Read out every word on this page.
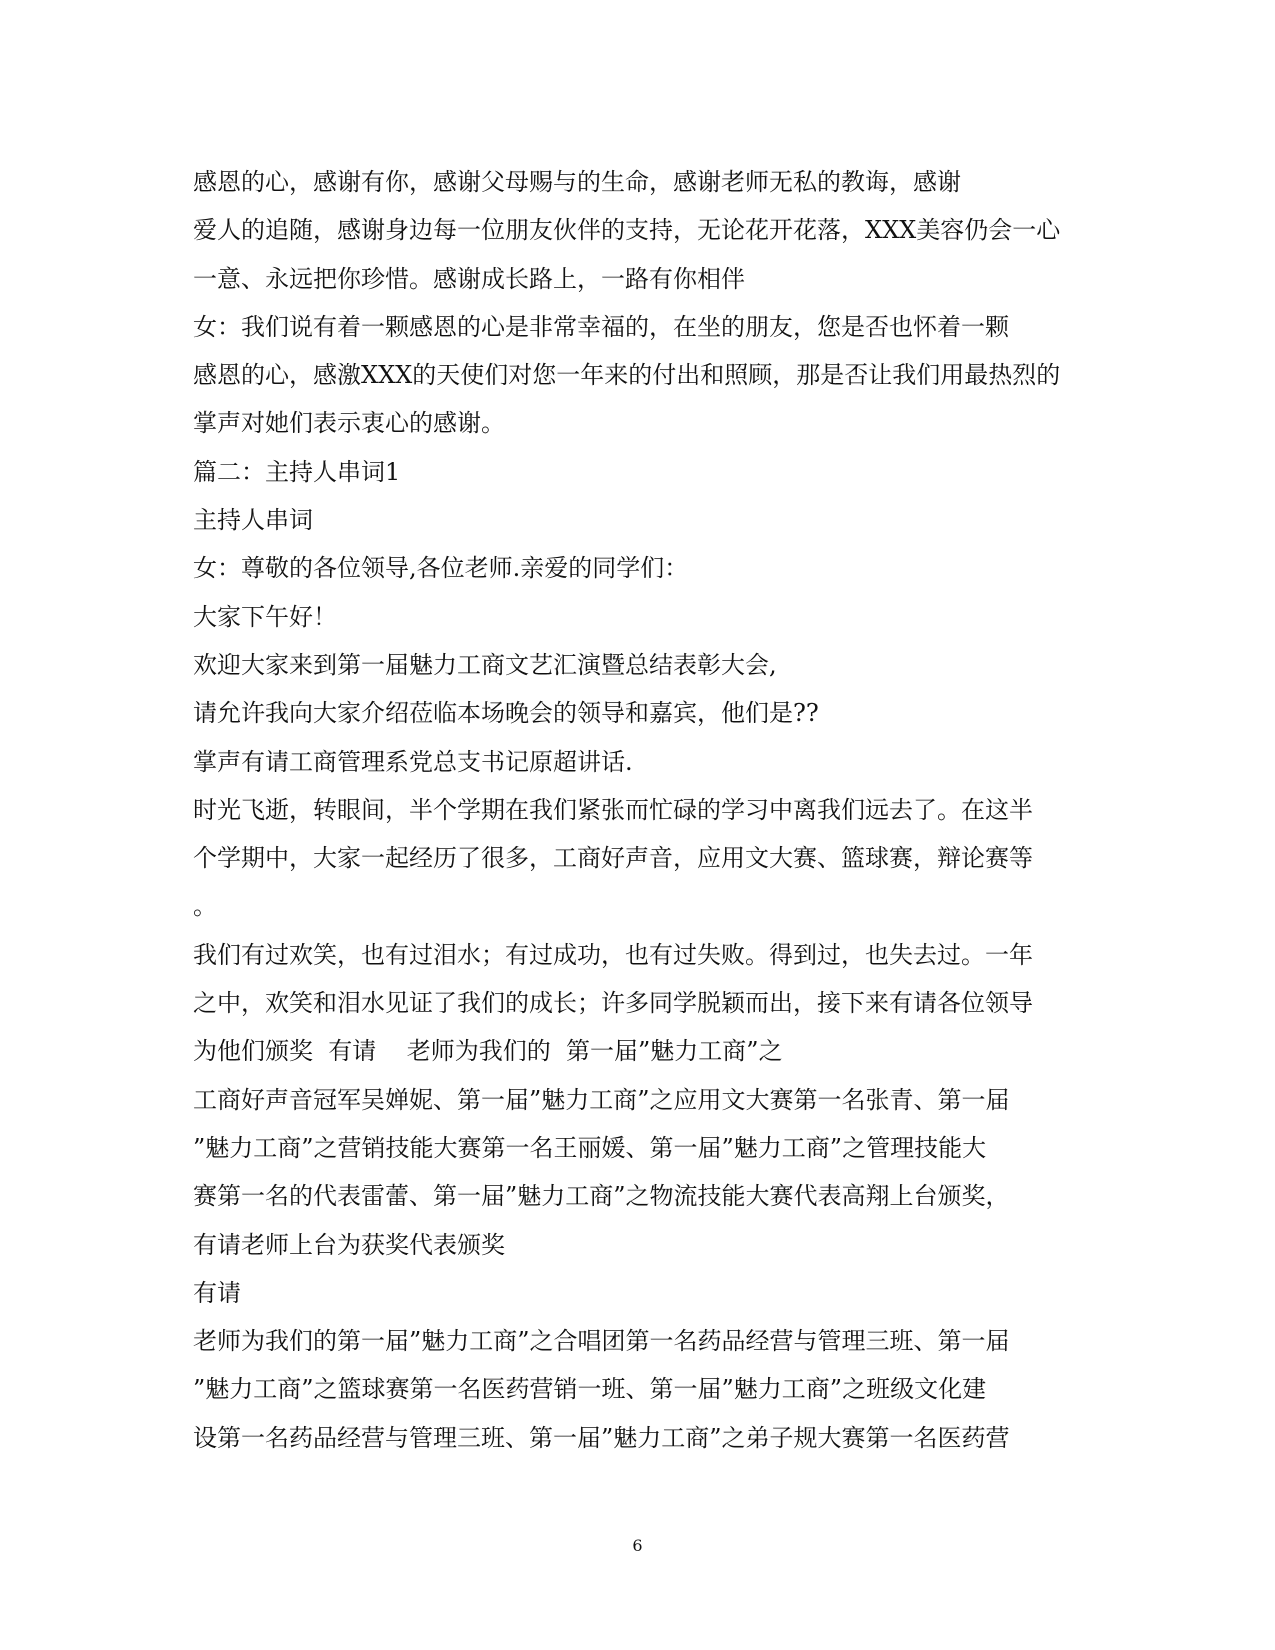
感恩的心，感谢有你，感谢父母赐与的生命，感谢老师无私的教诲，感谢
爱人的追随，感谢身边每一位朋友伙伴的支持，无论花开花落，XXX美容仍会一心
一意、永远把你珍惜。感谢成长路上，一路有你相伴
女：我们说有着一颗感恩的心是非常幸福的，在坐的朋友，您是否也怀着一颗
感恩的心，感激XXX的天使们对您一年来的付出和照顾，那是否让我们用最热烈的
掌声对她们表示衷心的感谢。
篇二：主持人串词1
主持人串词
女：尊敬的各位领导,各位老师.亲爱的同学们：
大家下午好！
欢迎大家来到第一届魅力工商文艺汇演暨总结表彰大会,
请允许我向大家介绍莅临本场晚会的领导和嘉宾，他们是??
掌声有请工商管理系党总支书记原超讲话.
时光飞逝，转眼间，半个学期在我们紧张而忙碌的学习中离我们远去了。在这半
个学期中，大家一起经历了很多，工商好声音，应用文大赛、篮球赛，辩论赛等
。
我们有过欢笑，也有过泪水；有过成功，也有过失败。得到过，也失去过。一年
之中，欢笑和泪水见证了我们的成长；许多同学脱颖而出，接下来有请各位领导
为他们颁奖  有请    老师为我们的  第一届”魅力工商”之
工商好声音冠军吴婵妮、第一届”魅力工商”之应用文大赛第一名张青、第一届
”魅力工商”之营销技能大赛第一名王丽媛、第一届”魅力工商”之管理技能大
赛第一名的代表雷蕾、第一届”魅力工商”之物流技能大赛代表高翔上台颁奖，
有请老师上台为获奖代表颁奖
有请
老师为我们的第一届”魅力工商”之合唱团第一名药品经营与管理三班、第一届
”魅力工商”之篮球赛第一名医药营销一班、第一届”魅力工商”之班级文化建
设第一名药品经营与管理三班、第一届”魅力工商”之弟子规大赛第一名医药营
6
